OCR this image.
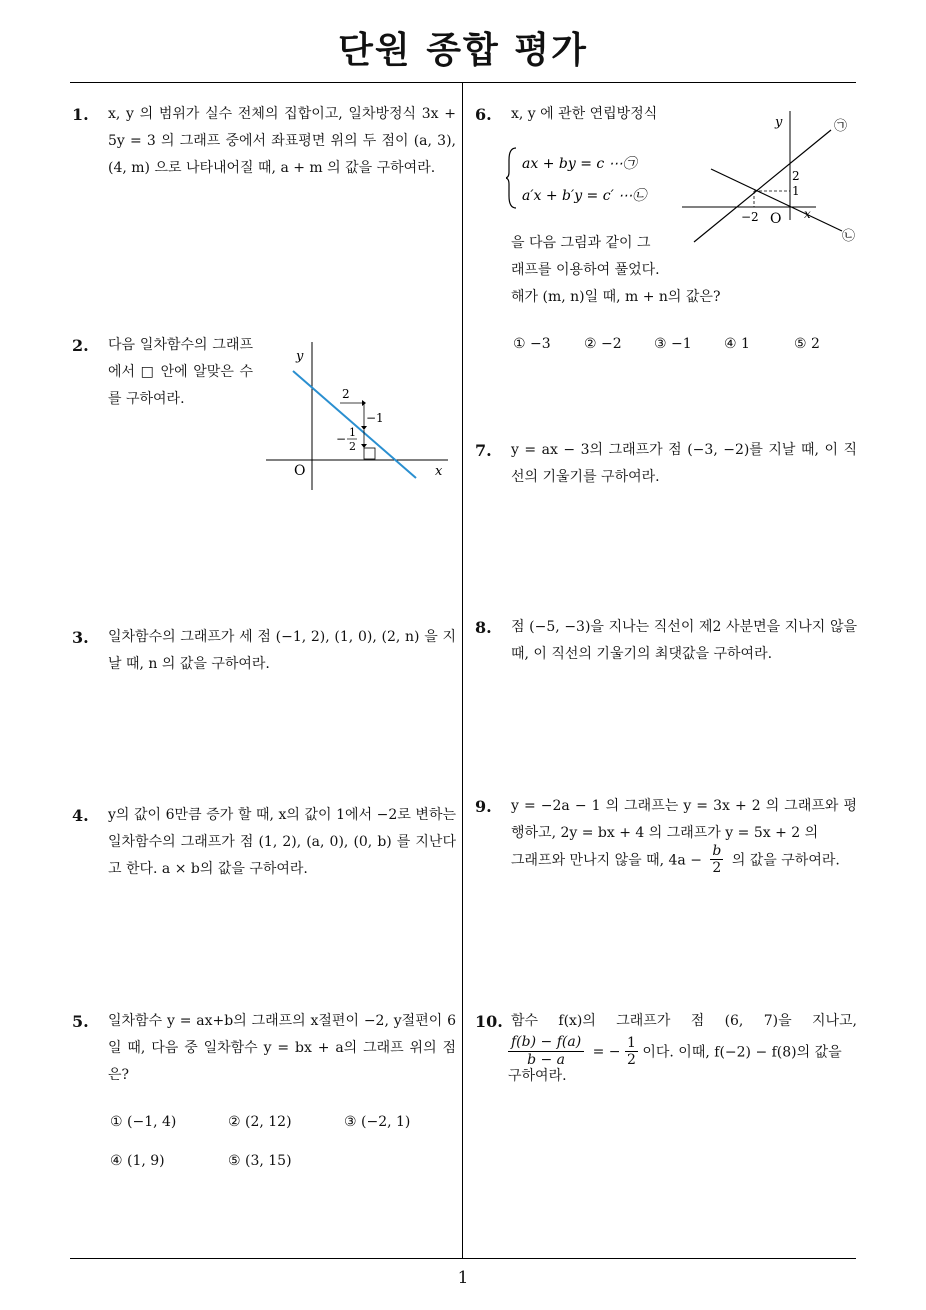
단원 종합 평가
1
1. x, y 의 범위가 실수 전체의 집합이고, 일차방정식 3x + 5y = 3 의 그래프 중에서 좌표평면 위의 두 점이 (a, 3), (4, m) 으로 나타내어질 때, a + m 의 값을 구하여라.
2. 다음 일차함수의 그래프에서 □ 안에 알맞은 수를 구하여라.
y
x
O
2
−1
− 1
2
3. 일차함수의 그래프가 세 점 (−1, 2), (1, 0), (2, n) 을 지날 때, n 의 값을 구하여라.
4. y의 값이 6만큼 증가 할 때, x의 값이 1에서 −2로 변하는 일차함수의 그래프가 점 (1, 2), (a, 0), (0, b) 를 지난다고 한다. a × b의 값을 구하여라.
5. 일차함수 y = ax+b의 그래프의 x절편이 −2, y절편이 6일 때, 다음 중 일차함수 y = bx + a의 그래프 위의 점은?
① (−1, 4)	② (2, 12)	③ (−2, 1)
④ (1, 9)	⑤ (3, 15)
6. x, y 에 관한 연립방정식
ax + by = c ⋯㉠
a′x + b′y = c′ ⋯㉡
을 다음 그림과 같이 그
래프를 이용하여 풀었다.
해가 (m, n)일 때, m + n의 값은?
y
x
O
2
1
−2
㉠
㉡
① −3 ② −2 ③ −1 ④ 1	⑤ 2
7. y = ax − 3의 그래프가 점 (−3, −2)를 지날 때, 이 직선의 기울기를 구하여라.
8. 점 (−5, −3)을 지나는 직선이 제2 사분면을 지나지 않을 때, 이 직선의 기울기의 최댓값을 구하여라.
9. y = −2a − 1 의 그래프는 y = 3x + 2 의 그래프와 평행하고, 2y = bx + 4 의 그래프가 y = 5x + 2 의
그래프와 만나지 않을 때, $4a - \frac{b}{2}$ 의 값을 구하여라.
10. 함수 f(x)의 그래프가 점 (6, 7)을 지나고,
$\frac{f(b) - f(a)}{b - a}$ = − $\frac{1}{2}$ 이다. 이때, f(−2) − f(8)의 값을
구하여라.
